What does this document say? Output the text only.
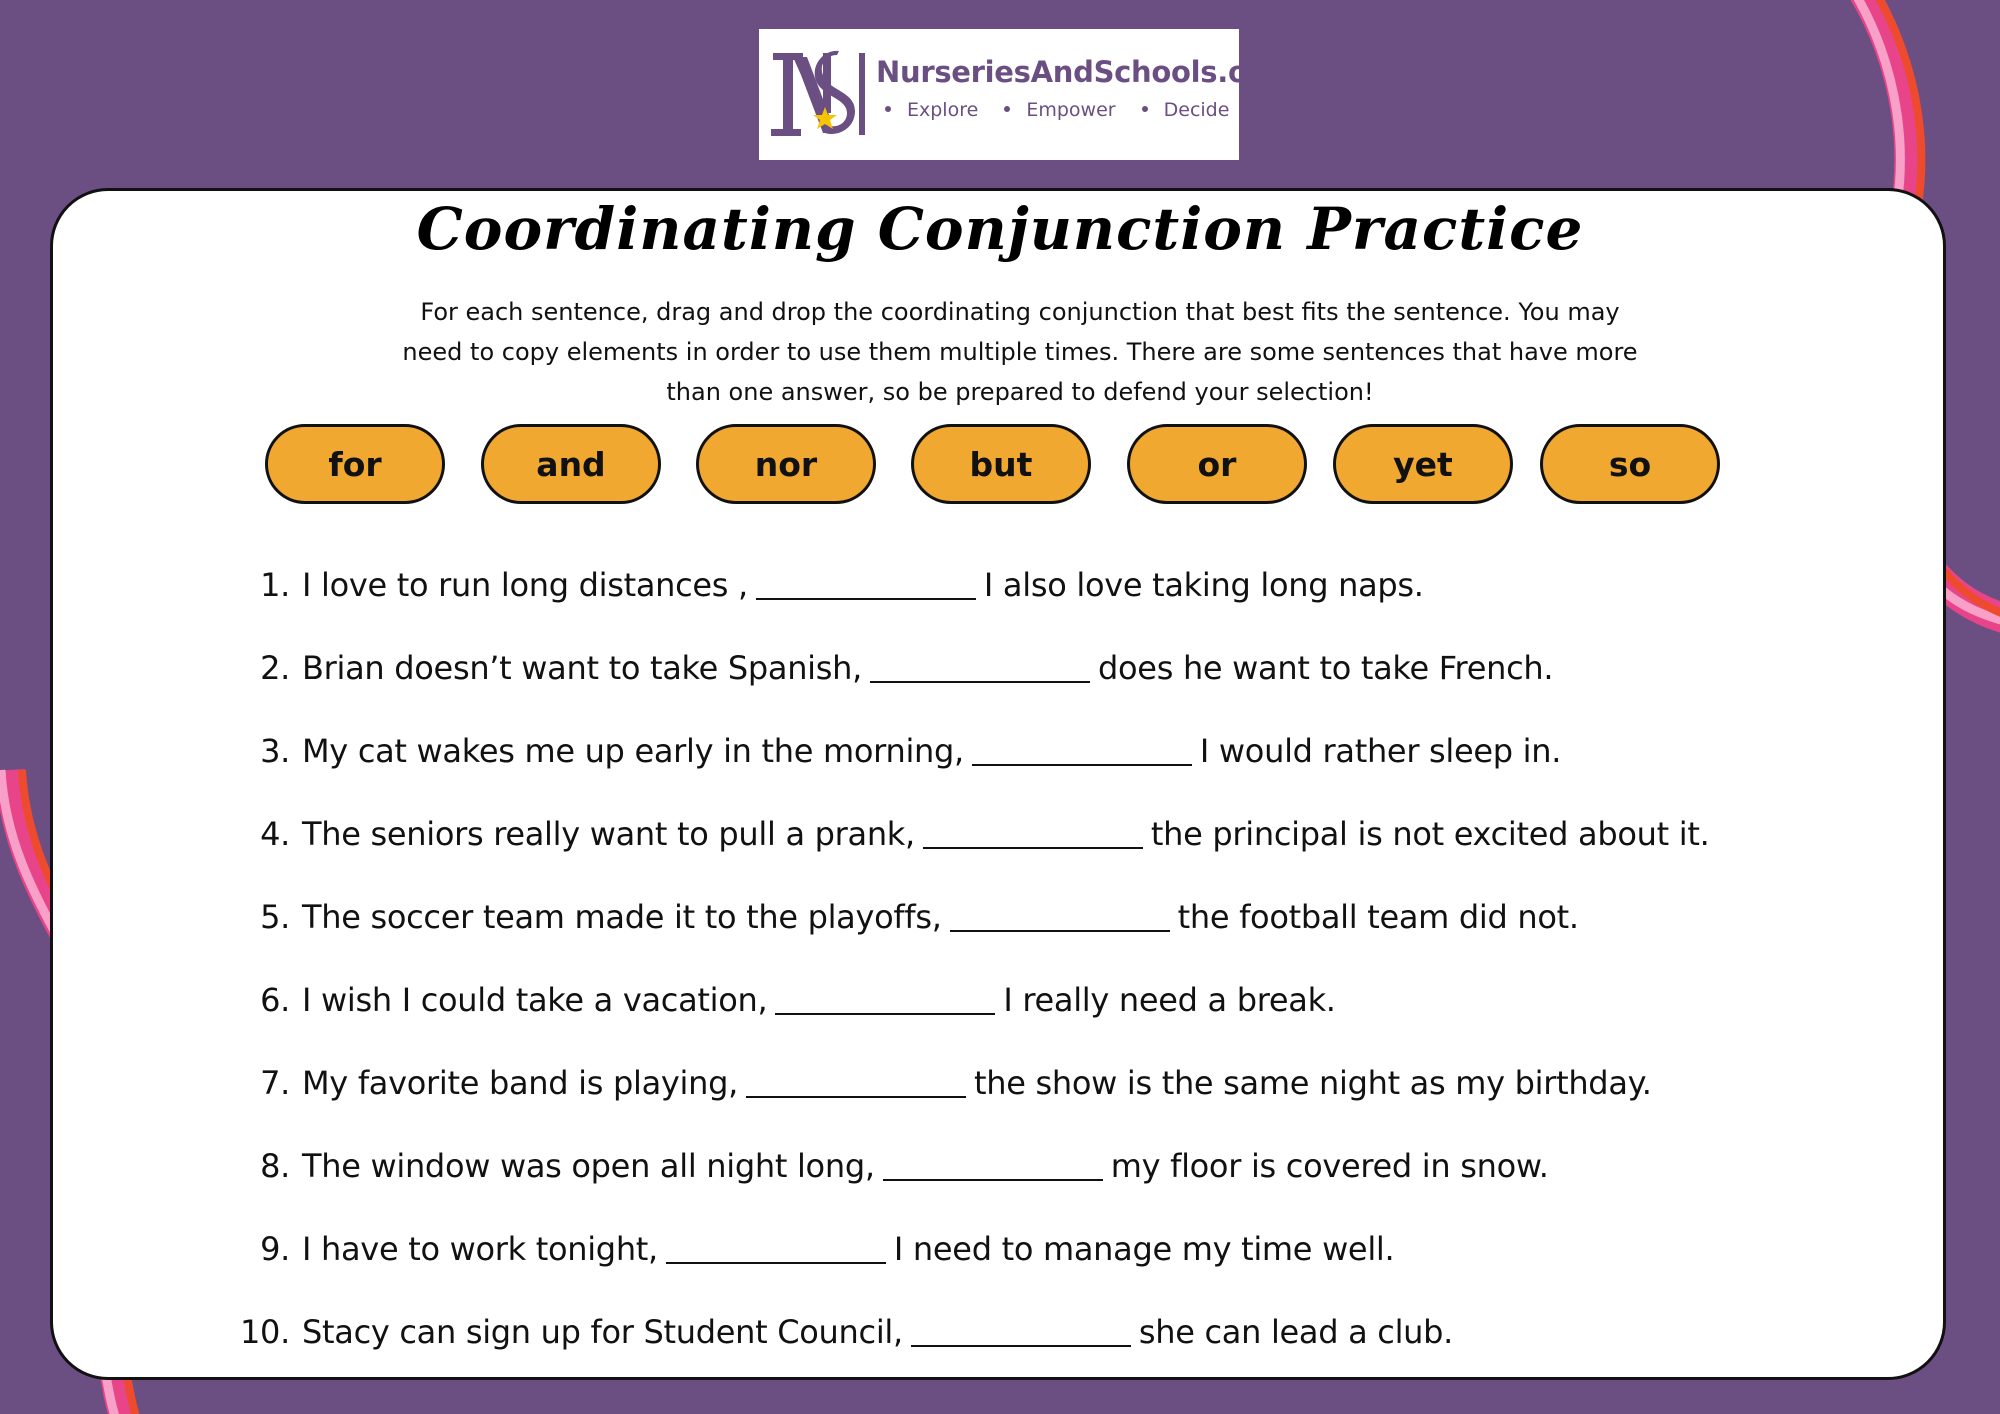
NurseriesAndSchools.org
Explore	Empower	Decide
Coordinating Conjunction Practice
For each sentence, drag and drop the coordinating conjunction that best fits the sentence. You may
need to copy elements in order to use them multiple times. There are some sentences that have more
than one answer, so be prepared to defend your selection!
for	and	nor	but	or	yet	so
1. I love to run long distances ,	I also love taking long naps.
2. Brian doesn’t want to take Spanish,	does he want to take French.
3. My cat wakes me up early in the morning,	I would rather sleep in.
4. The seniors really want to pull a prank,	the principal is not excited about it.
5. The soccer team made it to the playoffs,	the football team did not.
6. I wish I could take a vacation,	I really need a break.
7. My favorite band is playing,	the show is the same night as my birthday.
8. The window was open all night long,	my floor is covered in snow.
9. I have to work tonight,	I need to manage my time well.
10. Stacy can sign up for Student Council,	she can lead a club.
